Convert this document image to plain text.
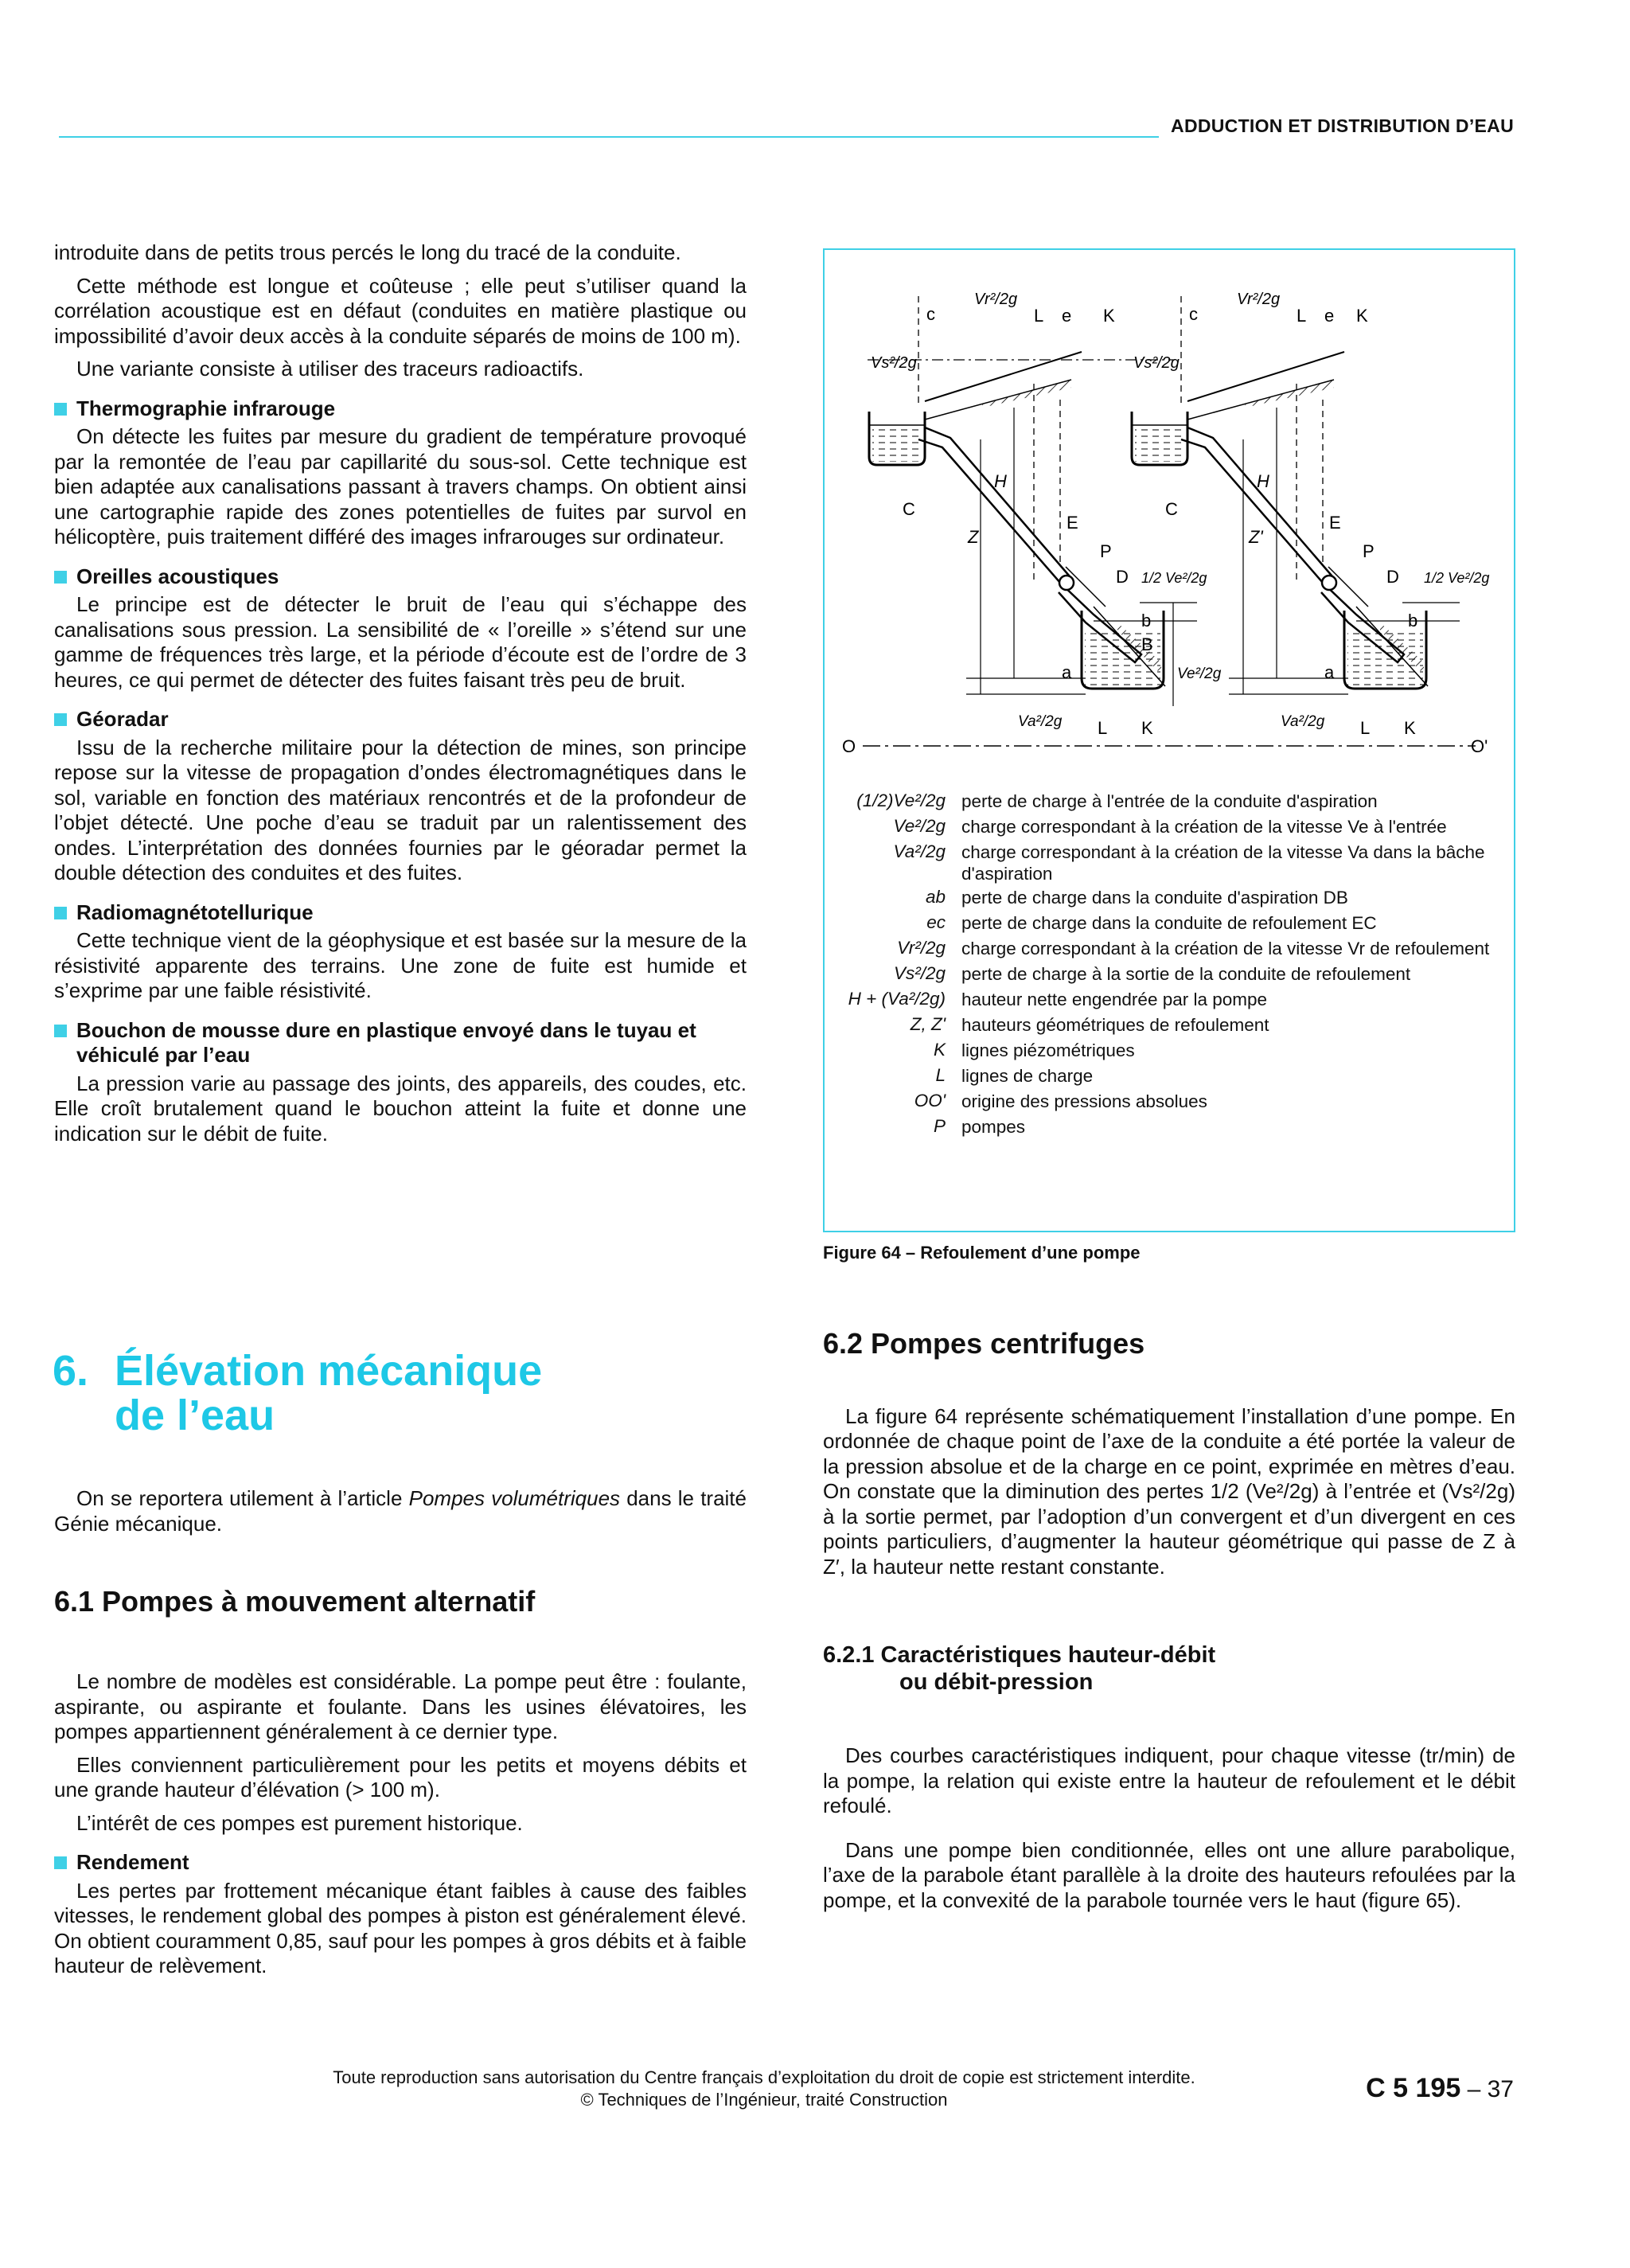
ADDUCTION ET DISTRIBUTION D’EAU

introduite dans de petits trous percés le long du tracé de la conduite.

Cette méthode est longue et coûteuse ; elle peut s’utiliser quand la corrélation acoustique est en défaut (conduites en matière plastique ou impossibilité d’avoir deux accès à la conduite séparés de moins de 100 m).

Une variante consiste à utiliser des traceurs radioactifs.

Thermographie infrarouge

On détecte les fuites par mesure du gradient de température provoqué par la remontée de l’eau par capillarité du sous-sol. Cette technique est bien adaptée aux canalisations passant à travers champs. On obtient ainsi une cartographie rapide des zones potentielles de fuites par survol en hélicoptère, puis traitement différé des images infrarouges sur ordinateur.

Oreilles acoustiques

Le principe est de détecter le bruit de l’eau qui s’échappe des canalisations sous pression. La sensibilité de « l’oreille » s’étend sur une gamme de fréquences très large, et la période d’écoute est de l’ordre de 3 heures, ce qui permet de détecter des fuites faisant très peu de bruit.

Géoradar

Issu de la recherche militaire pour la détection de mines, son principe repose sur la vitesse de propagation d’ondes électromagnétiques dans le sol, variable en fonction des matériaux rencontrés et de la profondeur de l’objet détecté. Une poche d’eau se traduit par un ralentissement des ondes. L’interprétation des données fournies par le géoradar permet la double détection des conduites et des fuites.

Radiomagnétotellurique

Cette technique vient de la géophysique et est basée sur la mesure de la résistivité apparente des terrains. Une zone de fuite est humide et s’exprime par une faible résistivité.

Bouchon de mousse dure en plastique envoyé dans le tuyau et véhiculé par l’eau

La pression varie au passage des joints, des appareils, des coudes, etc. Elle croît brutalement quand le bouchon atteint la fuite et donne une indication sur le débit de fuite.

6. Élévation mécanique
de l’eau

On se reportera utilement à l’article Pompes volumétriques dans le traité Génie mécanique.

6.1 Pompes à mouvement alternatif

Le nombre de modèles est considérable. La pompe peut être : foulante, aspirante, ou aspirante et foulante. Dans les usines élévatoires, les pompes appartiennent généralement à ce dernier type.

Elles conviennent particulièrement pour les petits et moyens débits et une grande hauteur d’élévation (> 100 m).

L’intérêt de ces pompes est purement historique.

Rendement

Les pertes par frottement mécanique étant faibles à cause des faibles vitesses, le rendement global des pompes à piston est généralement élevé. On obtient couramment 0,85, sauf pour les pompes à gros débits et à faible hauteur de relèvement.

O	O'
c	L e K
Vr²/2g
Vs²/2g
C
H
Z
E
P
D 1/2 Ve²/2g
Ve²/2g
a
b
B
Va²/2g L K
c	L e K
Vr²/2g
Vs²/2g
C
H
Z'
E
P
D 1/2 Ve²/2g
a
b
Va²/2g L K
(1/2)Ve²/2g perte de charge à l'entrée de la conduite d'aspiration
Ve²/2g charge correspondant à la création de la vitesse Ve à l'entrée
Va²/2g charge correspondant à la création de la vitesse Va dans la bâche d'aspiration
ab perte de charge dans la conduite d'aspiration DB
ec perte de charge dans la conduite de refoulement EC
Vr²/2g charge correspondant à la création de la vitesse Vr de refoulement
Vs²/2g perte de charge à la sortie de la conduite de refoulement
H + (Va²/2g) hauteur nette engendrée par la pompe
Z, Z' hauteurs géométriques de refoulement
K lignes piézométriques
L lignes de charge
OO' origine des pressions absolues
P pompes
Figure 64 – Refoulement d’une pompe
6.2 Pompes centrifuges

La figure 64 représente schématiquement l’installation d’une pompe. En ordonnée de chaque point de l’axe de la conduite a été portée la valeur de la pression absolue et de la charge en ce point, exprimée en mètres d’eau. On constate que la diminution des pertes 1/2 (Ve²/2g) à l’entrée et (Vs²/2g) à la sortie permet, par l’adoption d’un convergent et d’un divergent en ces points particuliers, d’augmenter la hauteur géométrique qui passe de Z à Z′, la hauteur nette restant constante.

6.2.1 Caractéristiques hauteur-débit
ou débit-pression

Des courbes caractéristiques indiquent, pour chaque vitesse (tr/min) de la pompe, la relation qui existe entre la hauteur de refoulement et le débit refoulé.

Dans une pompe bien conditionnée, elles ont une allure parabolique, l’axe de la parabole étant parallèle à la droite des hauteurs refoulées par la pompe, et la convexité de la parabole tournée vers le haut (figure 65).

Toute reproduction sans autorisation du Centre français d’exploitation du droit de copie est strictement interdite.
© Techniques de l’Ingénieur, traité Construction	C 5 195 – 37
